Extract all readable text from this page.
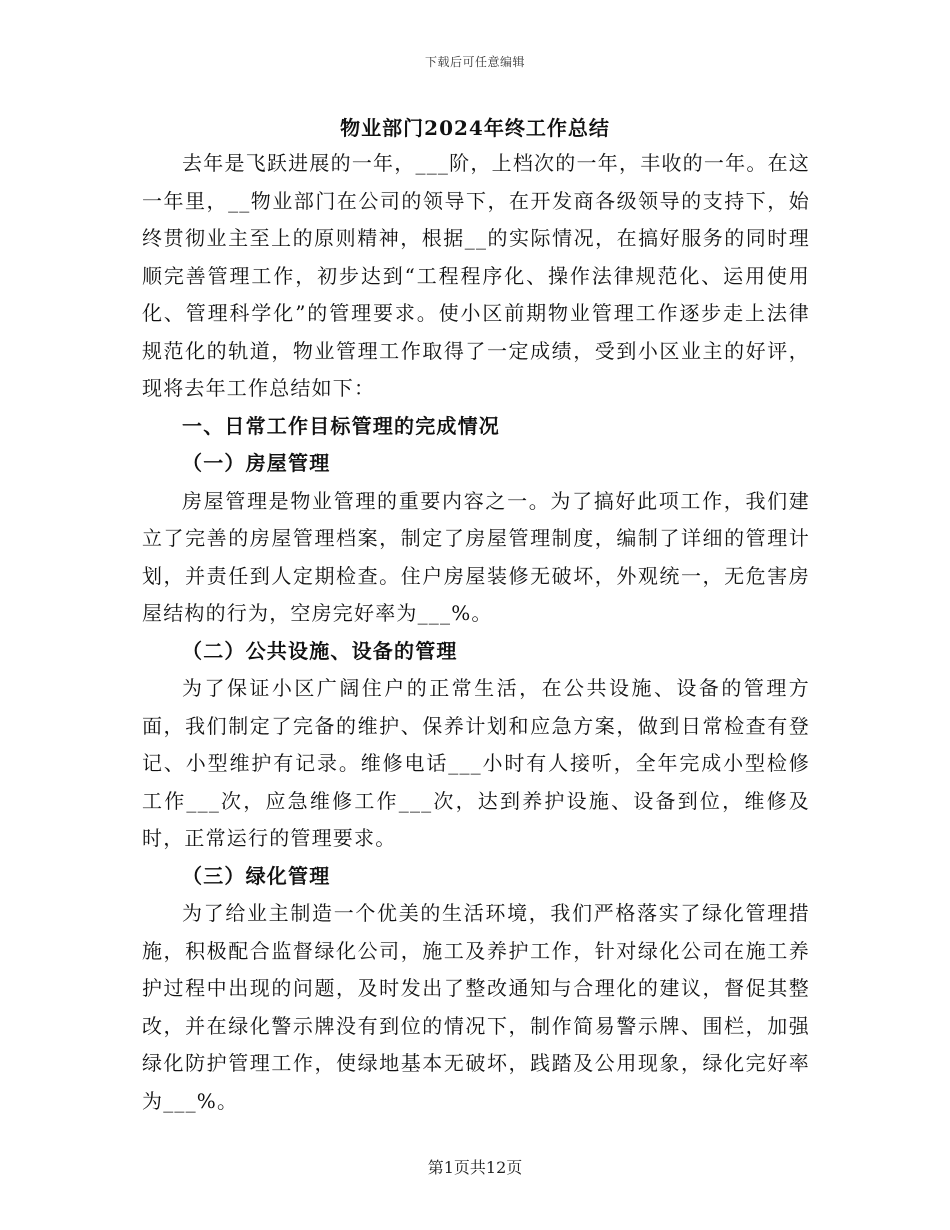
下载后可任意编辑
物业部门2024年终工作总结

去年是飞跃进展的一年，___阶，上档次的一年，丰收的一年。在这一年里，__物业部门在公司的领导下，在开发商各级领导的支持下，始终贯彻业主至上的原则精神，根据__的实际情况，在搞好服务的同时理顺完善管理工作，初步达到“工程程序化、操作法律规范化、运用使用化、管理科学化”的管理要求。使小区前期物业管理工作逐步走上法律规范化的轨道，物业管理工作取得了一定成绩，受到小区业主的好评，现将去年工作总结如下：

一、日常工作目标管理的完成情况
（一）房屋管理

房屋管理是物业管理的重要内容之一。为了搞好此项工作，我们建立了完善的房屋管理档案，制定了房屋管理制度，编制了详细的管理计划，并责任到人定期检查。住户房屋装修无破坏，外观统一，无危害房屋结构的行为，空房完好率为___%。

（二）公共设施、设备的管理

为了保证小区广阔住户的正常生活，在公共设施、设备的管理方面，我们制定了完备的维护、保养计划和应急方案，做到日常检查有登记、小型维护有记录。维修电话___小时有人接听，全年完成小型检修工作___次，应急维修工作___次，达到养护设施、设备到位，维修及时，正常运行的管理要求。

（三）绿化管理

为了给业主制造一个优美的生活环境，我们严格落实了绿化管理措施，积极配合监督绿化公司，施工及养护工作，针对绿化公司在施工养护过程中出现的问题，及时发出了整改通知与合理化的建议，督促其整改，并在绿化警示牌没有到位的情况下，制作简易警示牌、围栏，加强绿化防护管理工作，使绿地基本无破坏，践踏及公用现象，绿化完好率为___%。

第1页共12页
